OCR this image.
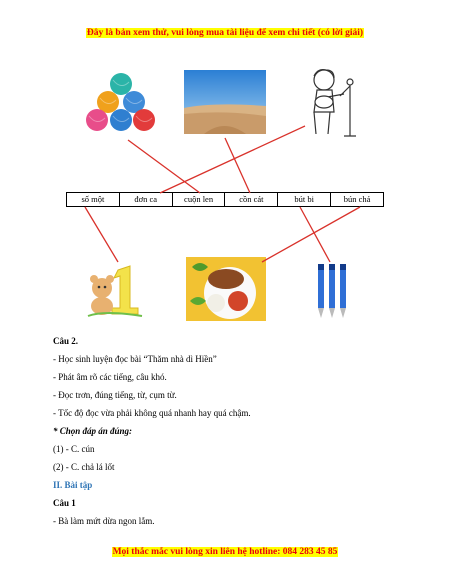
Đây là bản xem thử, vui lòng mua tài liệu để xem chi tiết (có lời giải)
số một	đơn ca	cuộn len	cồn cát	bút bi	bún chả
Câu 2.
- Học sinh luyện đọc bài “Thăm nhà dì Hiền”
- Phát âm rõ các tiếng, câu khó.
- Đọc trơn, đúng tiếng, từ, cụm từ.
- Tốc độ đọc vừa phải không quá nhanh hay quá chậm.
* Chọn đáp án đúng:
(1) - C. cún
(2) - C. chả lá lốt
II. Bài tập
Câu 1
- Bà làm mứt dừa ngon lắm.
Mọi thắc mắc vui lòng xin liên hệ hotline: 084 283 45 85
